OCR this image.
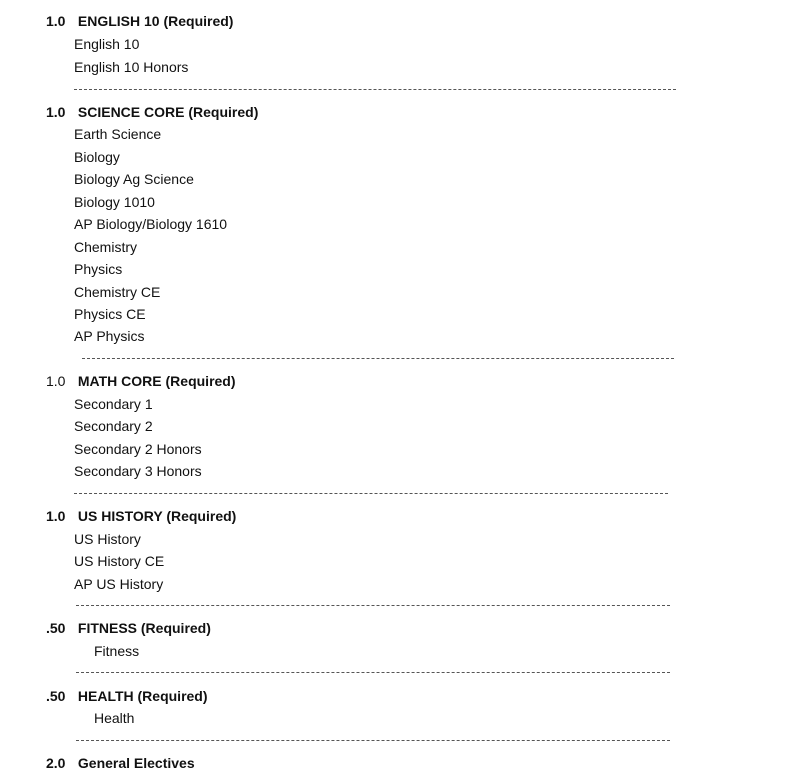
1.0 ENGLISH 10 (Required)
English 10
English 10 Honors
1.0 SCIENCE CORE (Required)
Earth Science
Biology
Biology Ag Science
Biology 1010
AP Biology/Biology 1610
Chemistry
Physics
Chemistry CE
Physics CE
AP Physics
1.0 MATH CORE (Required)
Secondary 1
Secondary 2
Secondary 2 Honors
Secondary 3 Honors
1.0 US HISTORY (Required)
US History
US History CE
AP US History
.50 FITNESS (Required)
Fitness
.50 HEALTH (Required)
Health
2.0 General Electives
